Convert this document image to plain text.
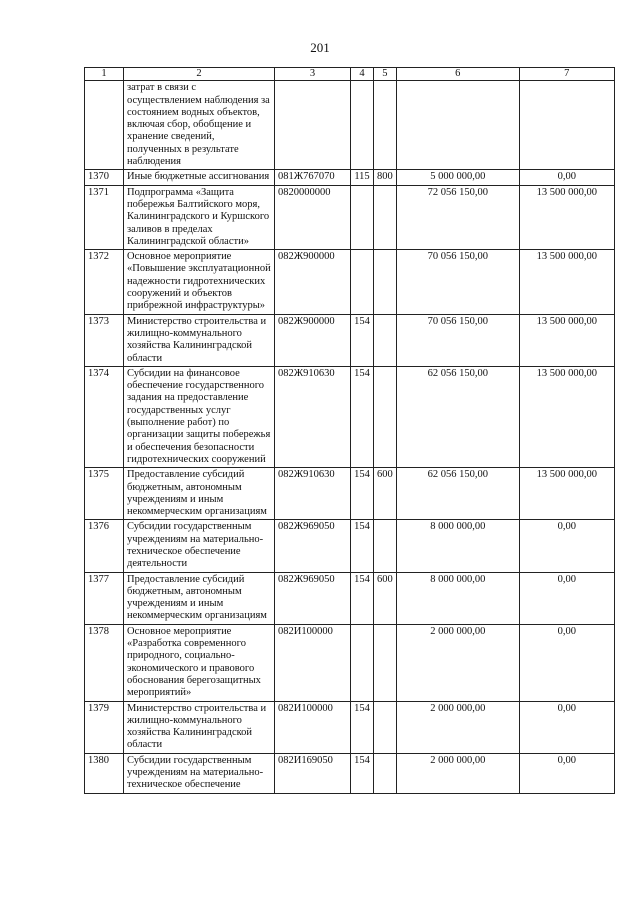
201
1	2	3	4	5	6	7
	затрат в связи с осуществлением наблюдения за состоянием водных объектов, включая сбор, обобщение и хранение сведений, полученных в результате наблюдения					
1370	Иные бюджетные ассигнования	081Ж767070	115	800	5 000 000,00	0,00
1371	Подпрограмма «Защита побережья Балтийского моря, Калининградского и Куршского заливов в пределах Калининградской области»	0820000000			72 056 150,00	13 500 000,00
1372	Основное мероприятие «Повышение эксплуатационной надежности гидротехнических сооружений и объектов прибрежной инфраструктуры»	082Ж900000			70 056 150,00	13 500 000,00
1373	Министерство строительства и жилищно-коммунального хозяйства Калининградской области	082Ж900000	154		70 056 150,00	13 500 000,00
1374	Субсидии на финансовое обеспечение государственного задания на предоставление государственных услуг (выполнение работ) по организации защиты побережья и обеспечения безопасности гидротехнических сооружений	082Ж910630	154		62 056 150,00	13 500 000,00
1375	Предоставление субсидий бюджетным, автономным учреждениям и иным некоммерческим организациям	082Ж910630	154	600	62 056 150,00	13 500 000,00
1376	Субсидии государственным учреждениям на материально-техническое обеспечение деятельности	082Ж969050	154		8 000 000,00	0,00
1377	Предоставление субсидий бюджетным, автономным учреждениям и иным некоммерческим организациям	082Ж969050	154	600	8 000 000,00	0,00
1378	Основное мероприятие «Разработка современного природного, социально-экономического и правового обоснования берегозащитных мероприятий»	082И100000			2 000 000,00	0,00
1379	Министерство строительства и жилищно-коммунального хозяйства Калининградской области	082И100000	154		2 000 000,00	0,00
1380	Субсидии государственным учреждениям на материально-техническое обеспечение	082И169050	154		2 000 000,00	0,00
